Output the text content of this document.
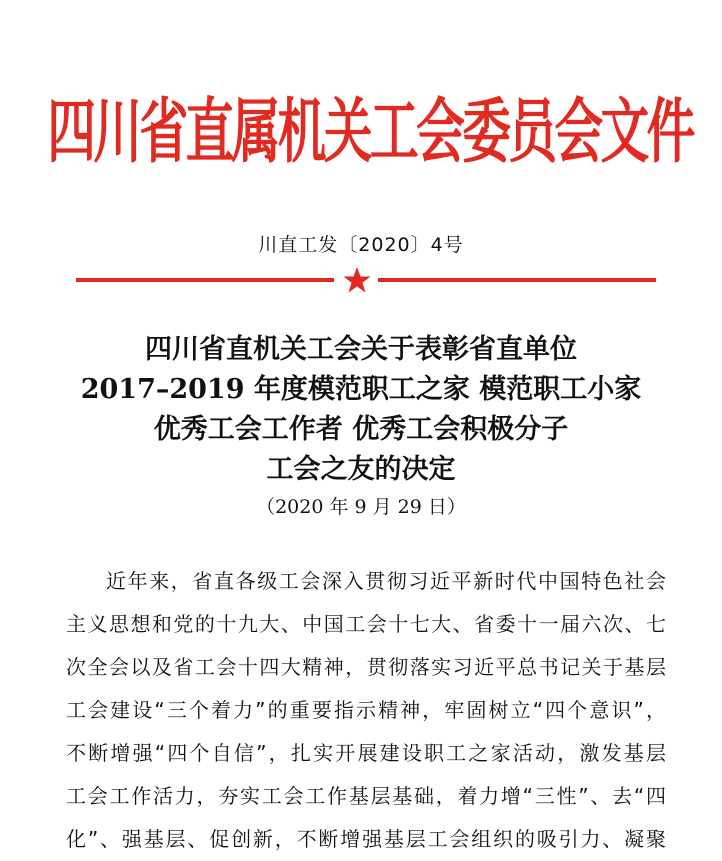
四川省直属机关工会委员会文件
川直工发〔2020〕4号
四川省直机关工会关于表彰省直单位
2017–2019 年度模范职工之家 模范职工小家
优秀工会工作者 优秀工会积极分子
工会之友的决定
（2020 年 9 月 29 日）
近年来，省直各级工会深入贯彻习近平新时代中国特色社会
主义思想和党的十九大、中国工会十七大、省委十一届六次、七
次全会以及省工会十四大精神，贯彻落实习近平总书记关于基层
工会建设“三个着力”的重要指示精神，牢固树立“四个意识”，
不断增强“四个自信”，扎实开展建设职工之家活动，激发基层
工会工作活力，夯实工会工作基层基础，着力增“三性”、去“四
化”、强基层、促创新，不断增强基层工会组织的吸引力、凝聚
